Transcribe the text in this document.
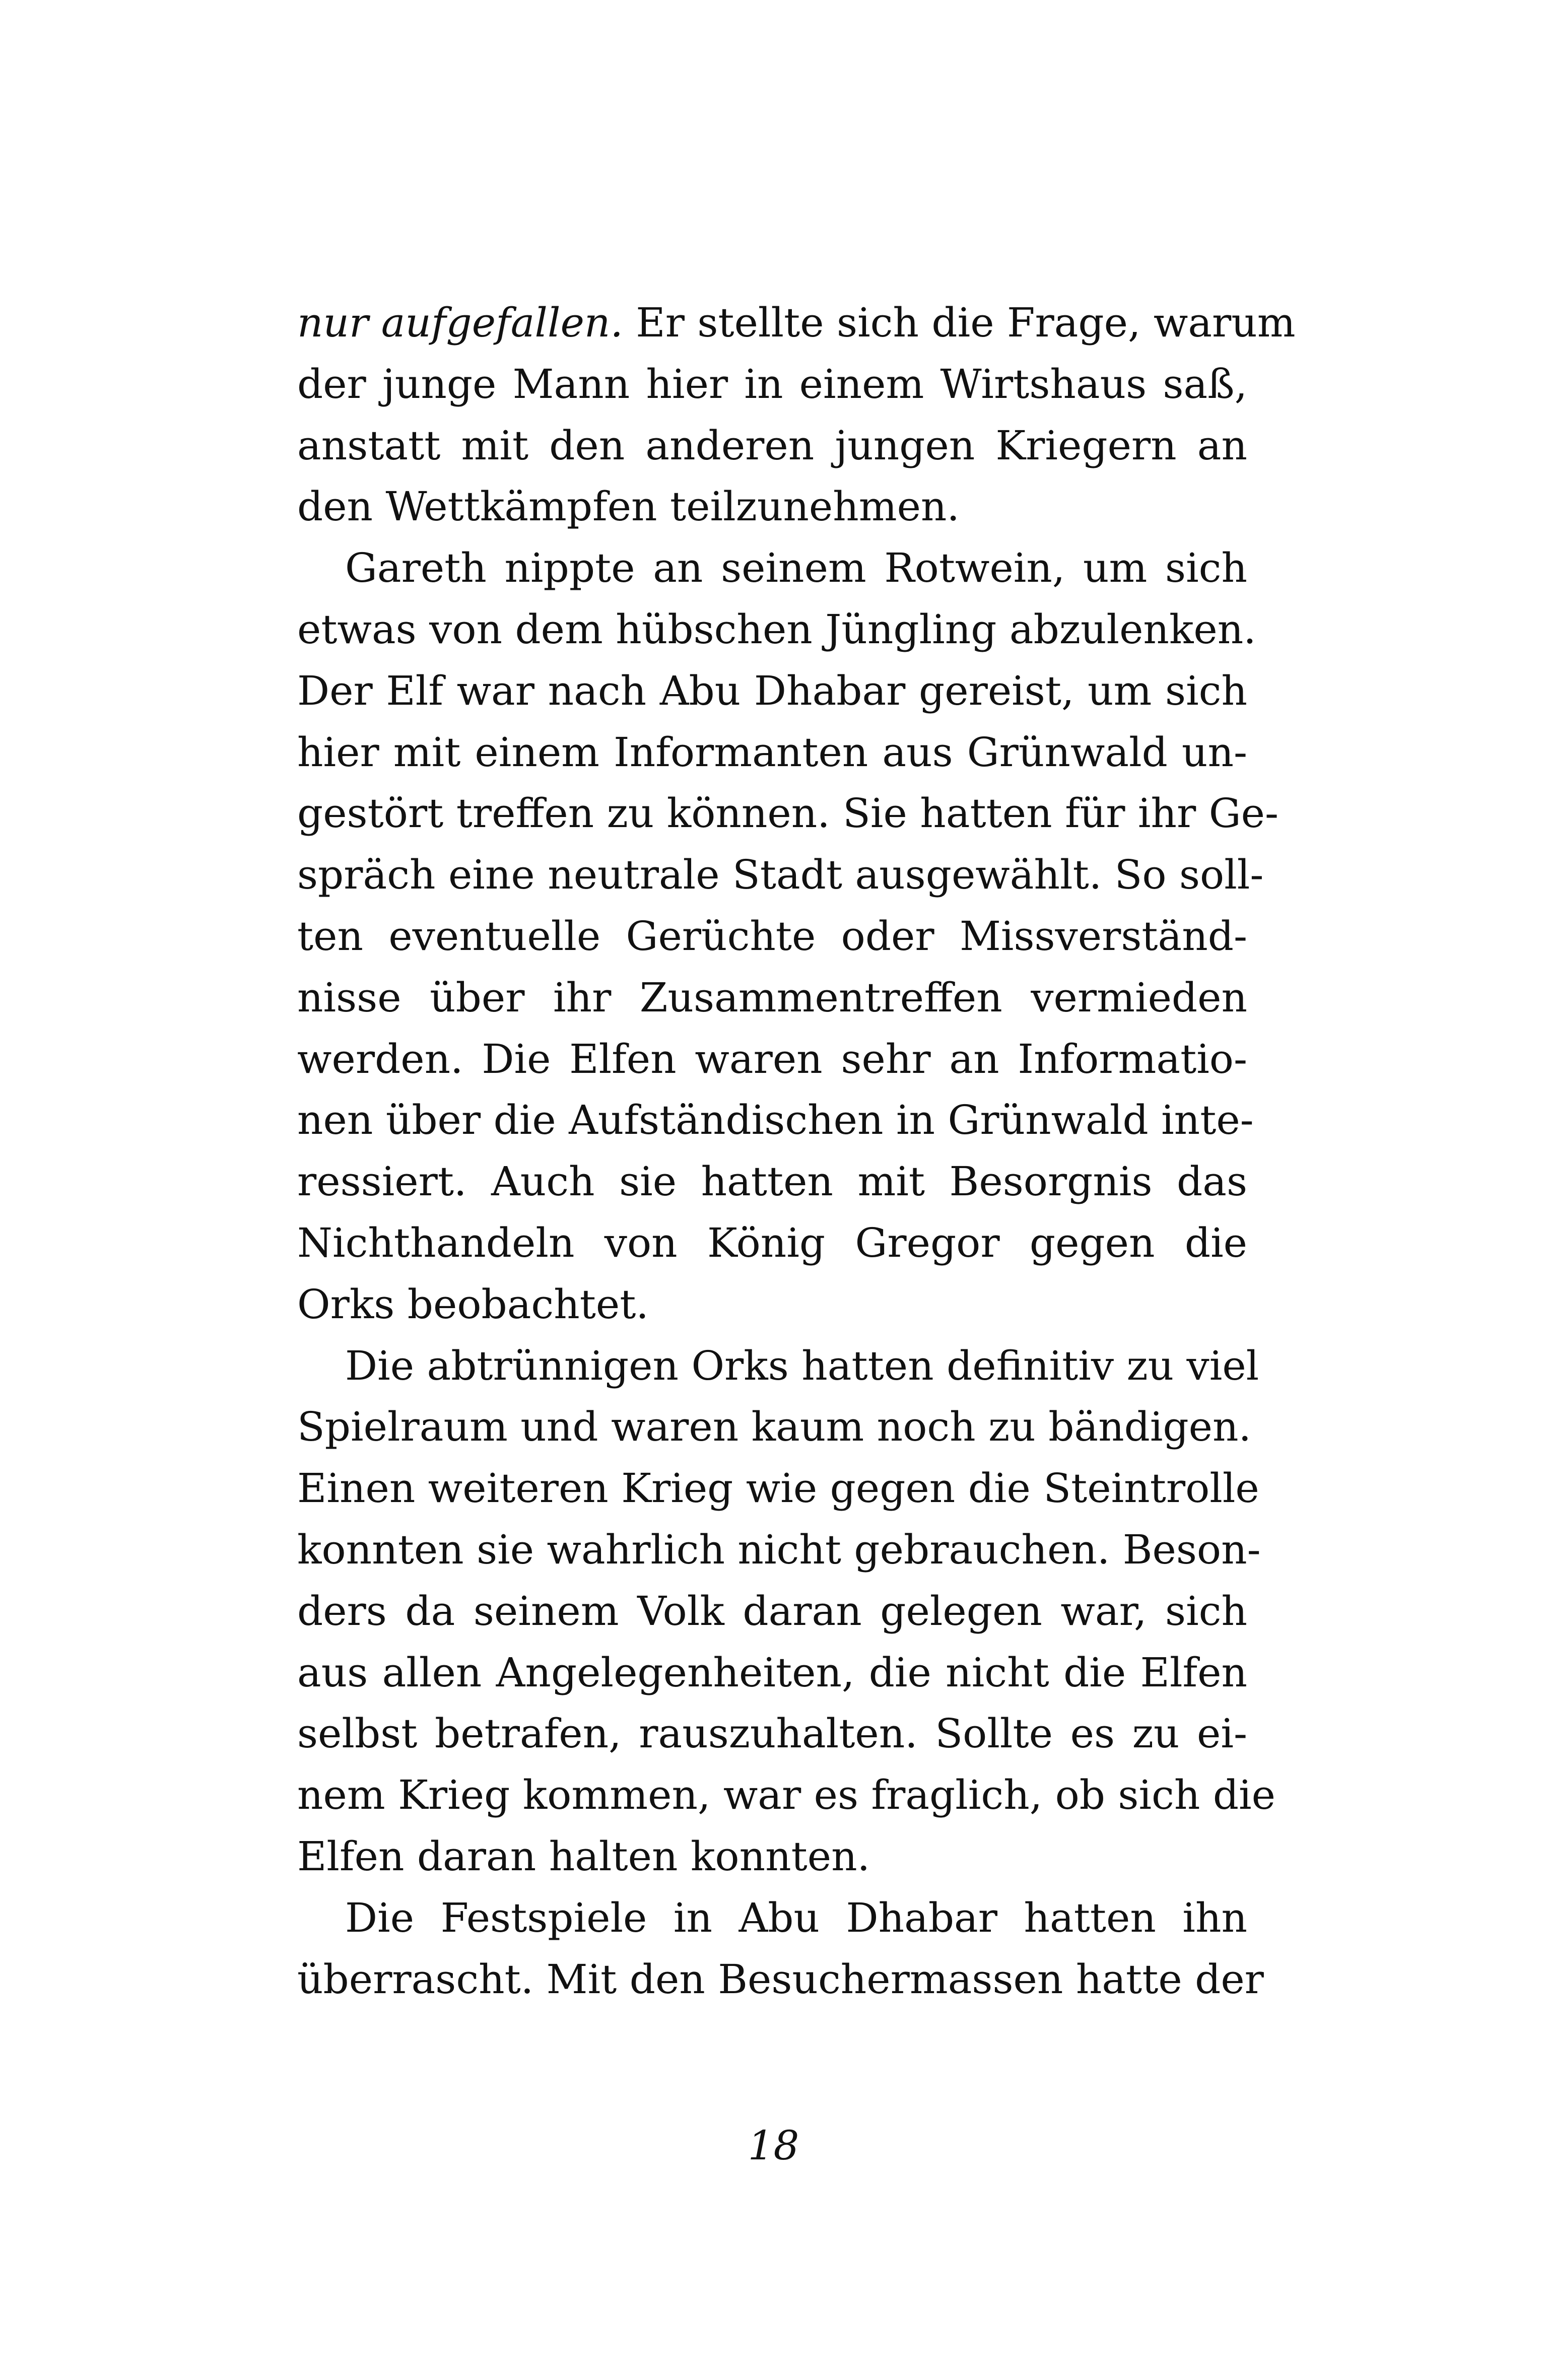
nur aufgefallen. Er stellte sich die Frage, warum
der junge Mann hier in einem Wirtshaus saß,
anstatt mit den anderen jungen Kriegern an
den Wettkämpfen teilzunehmen.
Gareth nippte an seinem Rotwein, um sich
etwas von dem hübschen Jüngling abzulenken.
Der Elf war nach Abu Dhabar gereist, um sich
hier mit einem Informanten aus Grünwald un-
gestört treffen zu können. Sie hatten für ihr Ge-
spräch eine neutrale Stadt ausgewählt. So soll-
ten eventuelle Gerüchte oder Missverständ-
nisse über ihr Zusammentreffen vermieden
werden. Die Elfen waren sehr an Informatio-
nen über die Aufständischen in Grünwald inte-
ressiert. Auch sie hatten mit Besorgnis das
Nichthandeln von König Gregor gegen die
Orks beobachtet.
Die abtrünnigen Orks hatten definitiv zu viel
Spielraum und waren kaum noch zu bändigen.
Einen weiteren Krieg wie gegen die Steintrolle
konnten sie wahrlich nicht gebrauchen. Beson-
ders da seinem Volk daran gelegen war, sich
aus allen Angelegenheiten, die nicht die Elfen
selbst betrafen, rauszuhalten. Sollte es zu ei-
nem Krieg kommen, war es fraglich, ob sich die
Elfen daran halten konnten.
Die Festspiele in Abu Dhabar hatten ihn
überrascht. Mit den Besuchermassen hatte der
18
